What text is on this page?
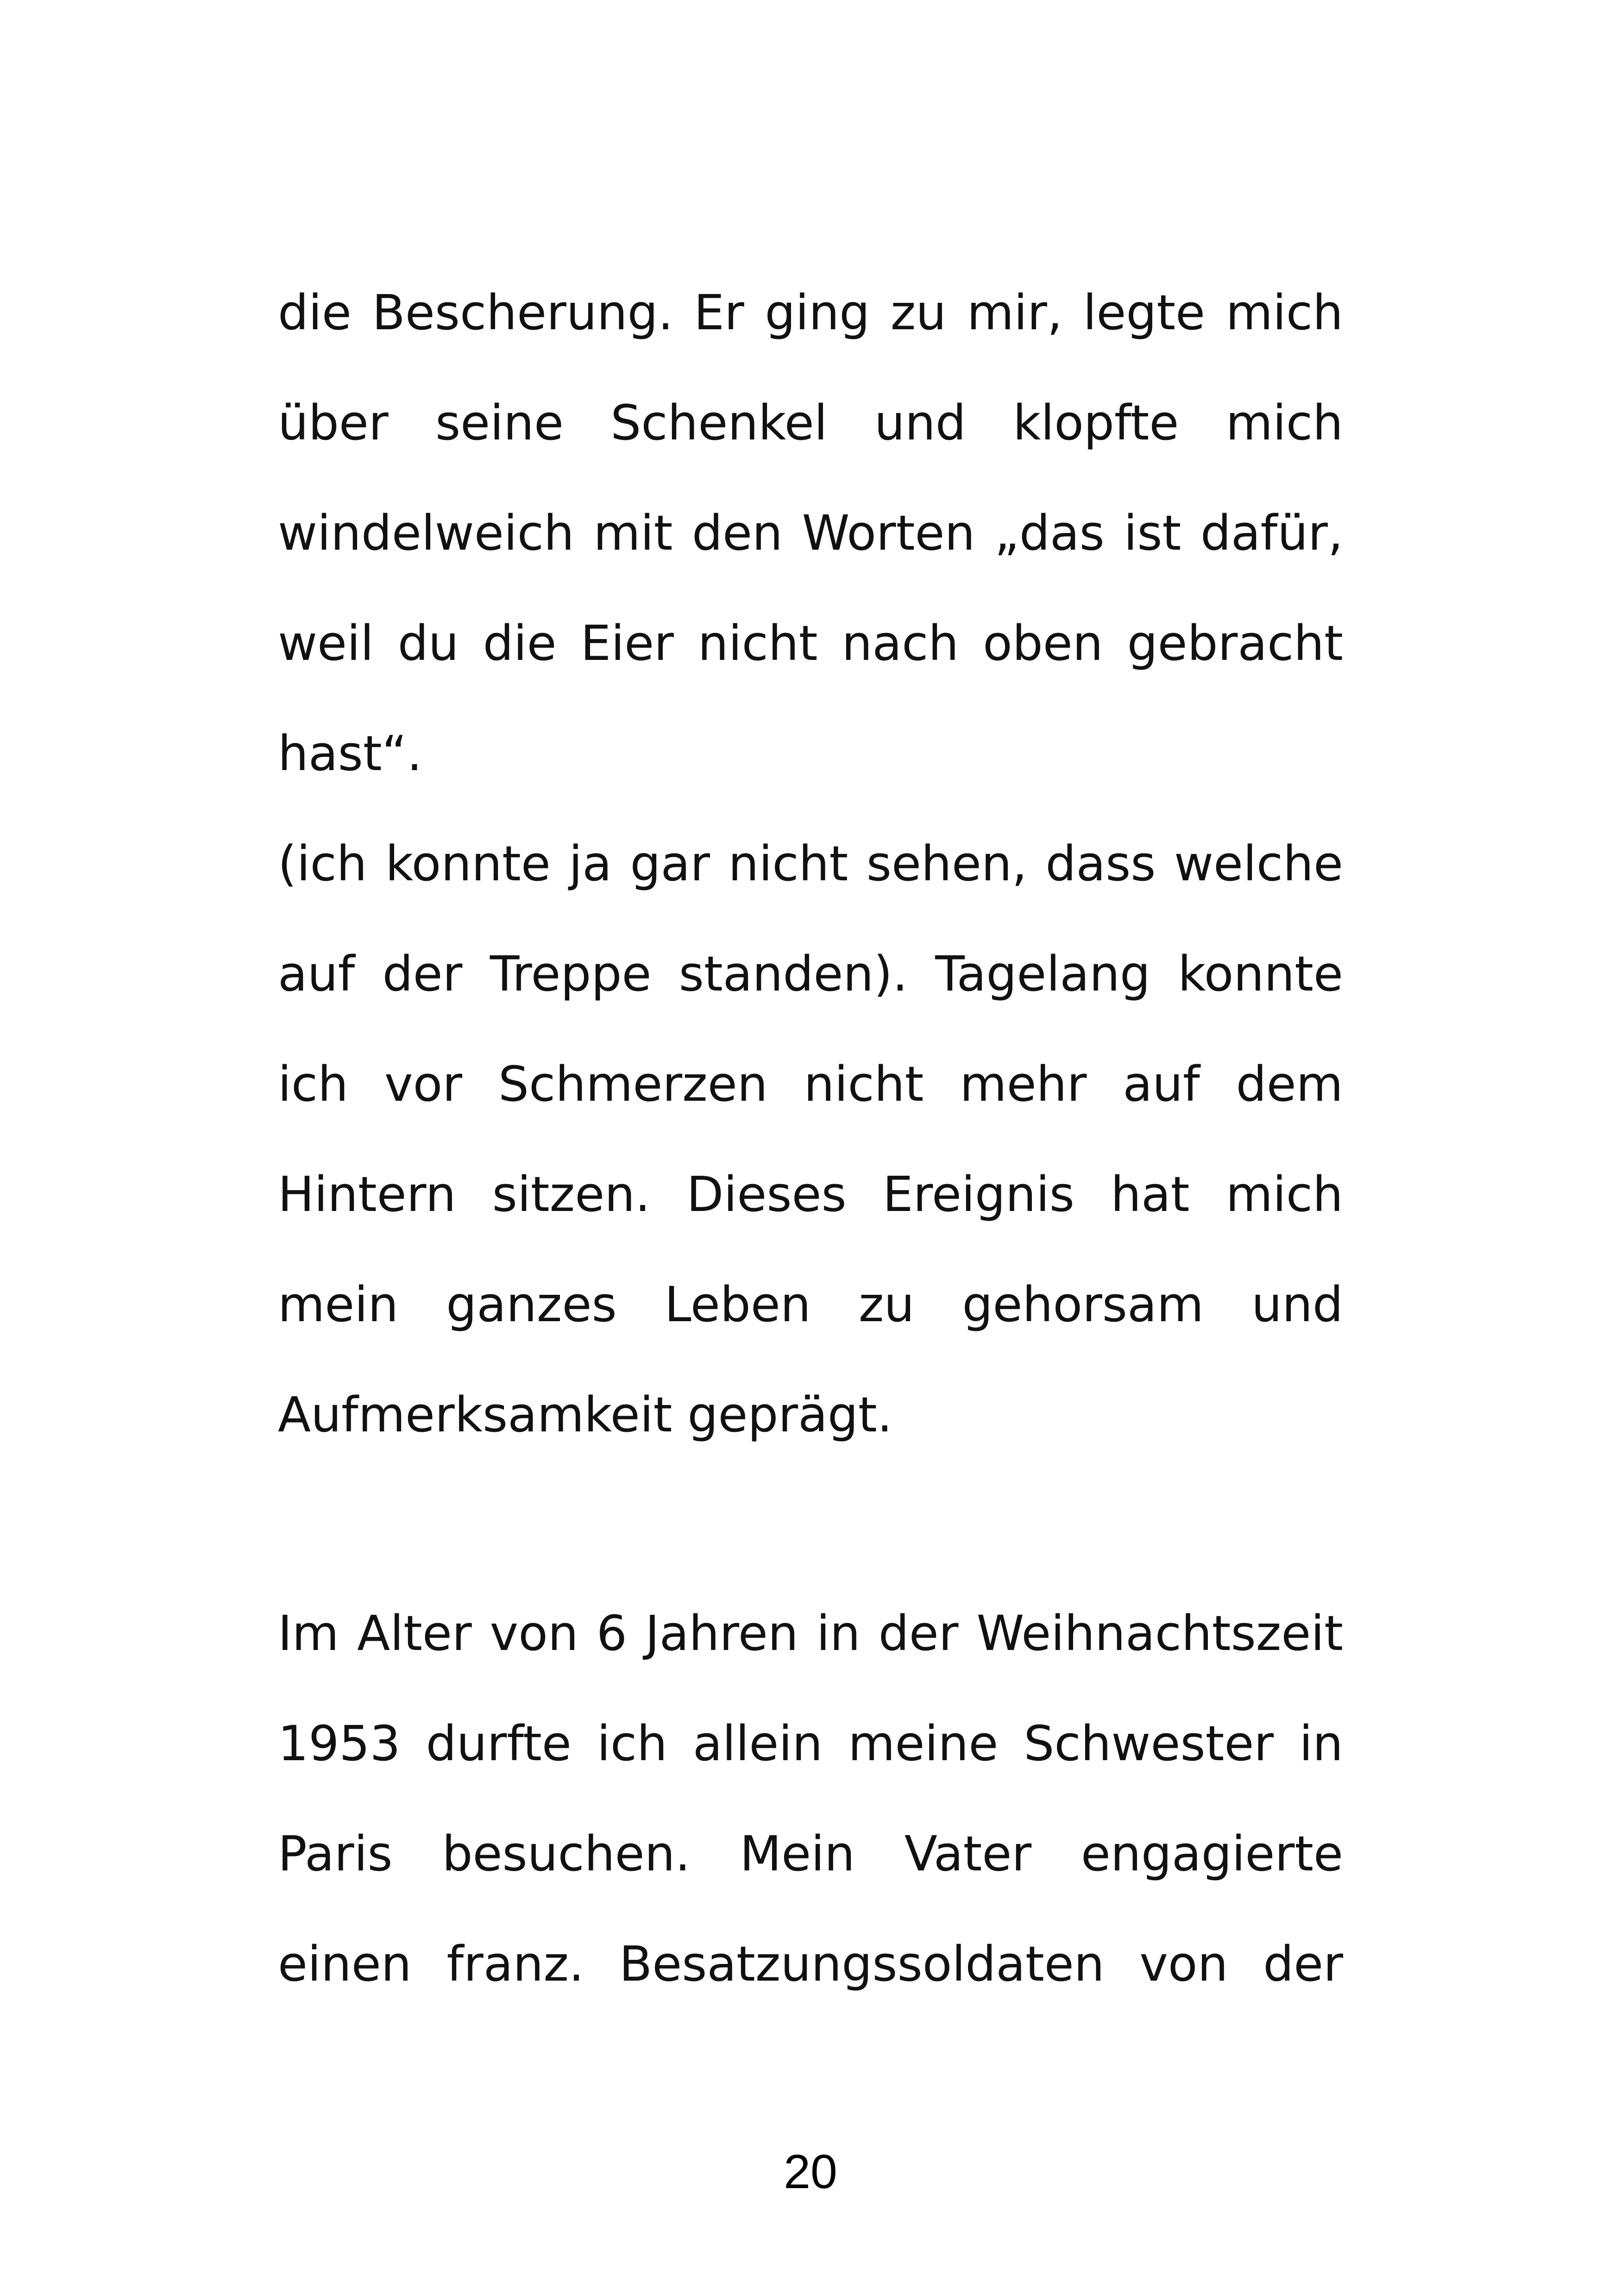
die Bescherung. Er ging zu mir, legte mich
über seine Schenkel und klopfte mich
windelweich mit den Worten „das ist dafür,
weil du die Eier nicht nach oben gebracht
hast“.
(ich konnte ja gar nicht sehen, dass welche
auf der Treppe standen). Tagelang konnte
ich vor Schmerzen nicht mehr auf dem
Hintern sitzen. Dieses Ereignis hat mich
mein ganzes Leben zu gehorsam und
Aufmerksamkeit geprägt.
Im Alter von 6 Jahren in der Weihnachtszeit
1953 durfte ich allein meine Schwester in
Paris besuchen. Mein Vater engagierte
einen franz. Besatzungssoldaten von der
20
